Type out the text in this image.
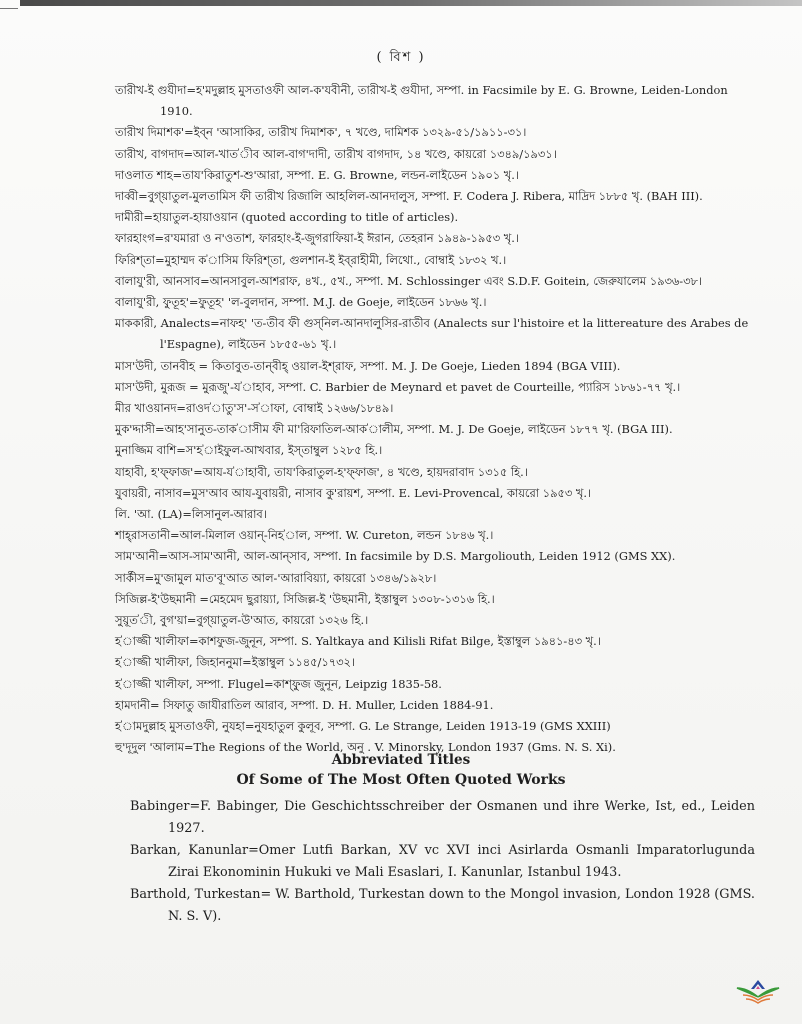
( বিশ )

তারীখ-ই গুযীদা=হ'মদুল্লাহ মুসতাওফী আল-ক'যবীনী, তারীখ-ই গুযীদা, সম্পা. in Facsimile by E. G. Browne, Leiden-London 1910.

তারীখ দিমাশক'=ইব্ন 'আসাকির, তারীখ দিমাশক', ৭ খণ্ডে, দামিশক ১৩২৯-৫১/১৯১১-৩১।

তারীখ, বাগদাদ=আল-খাত'ীব আল-বাগ'দাদী, তারীখ বাগদাদ, ১৪ খণ্ডে, কায়রো ১৩৪৯/১৯৩১।

দাওলাত শাহ=তায'কিরাতুশ-শু'আরা, সম্পা. E. G. Browne, লন্ডন-লাইডেন ১৯০১ খৃ.।

দাব্বী=বুগ্য়াতুল-মুলতামিস ফী তারীখ রিজালি আহলিল-আনদালুস, সম্পা. F. Codera J. Ribera, মাদ্রিদ ১৮৮৫ খৃ. (BAH III).

দামীরী=হায়াতুল-হায়াওয়ান (quoted according to title of articles).

ফারহাংগ=র'যমারা ও ন'ওতাশ, ফারহাং-ই-জুগরাফিয়া-ই ঈরান, তেহরান ১৯৪৯-১৯৫৩ খৃ.।

ফিরিশ্‌তা=মুহাম্মদ ক'াসিম ফিরিশ্‌তা, গুলশান-ই ইব্‌রাহীমী, লিথো., বোম্বাই ১৮৩২ খ.।

বালাযু'রী, আনসাব=আনসাবুল-আশরাফ, ৪খ., ৫খ., সম্পা. M. Schlossinger এবং S.D.F. Goitein, জেরুযালেম ১৯৩৬-৩৮।

বালাযু'রী, ফুতূহ'=ফুতূহ' 'ল-বুলদান, সম্পা. M.J. de Goeje, লাইডেন ১৮৬৬ খৃ.।

মাককারী, Analects=নাফহ' 'ত-তীব ফী গুস্‌নিল-আনদালুসির-রাতীব (Analects sur l'histoire et la littereature des Arabes de l'Espagne), লাইডেন ১৮৫৫-৬১ খৃ.।

মাস'উদী, তানবীহ = কিতাবুত-তান্‌বীহ্ ওয়াল-ইশ্‌রাফ, সম্পা. M. J. De Goeje, Lieden 1894 (BGA VIII).

মাস'উদী, মুরূজ = মুরূজু'-য'াহাব, সম্পা. C. Barbier de Meynard et pavet de Courteille, প্যারিস ১৮৬১-৭৭ খৃ.।

মীর খাওয়ানদ=রাওদ'াতু'স'-স'াফা, বোম্বাই ১২৬৬/১৮৪৯।

মুক'দ্দাসী=আহ'সানুত-তাক'াসীম ফী মা'রিফাতিল-আক'ালীম, সম্পা. M. J. De Goeje, লাইডেন ১৮৭৭ খৃ. (BGA III).

মুনাজ্জিম বাশি=স'হ'াইফুল-আখবার, ইস্‌তাম্বুল ১২৮৫ হি.।

যাহাবী, হ'ফ্‌ফাজ'=আয-য'াহাবী, তায'কিরাতুল-হ'ফ্‌ফাজ', ৪ খণ্ডে, হায়দরাবাদ ১৩১৫ হি.।

যুবায়রী, নাসাব=মুস'আব আয-যুবায়রী, নাসাব কু'রায়শ, সম্পা. E. Levi-Provencal, কায়রো ১৯৫৩ খৃ.।

লি. 'আ. (LA)=লিসানুল-আরাব।

শাহ্‌রাসতানী=আল-মিলাল ওয়ান্‌-নিহ'াল, সম্পা. W. Cureton, লন্ডন ১৮৪৬ খৃ.।

সাম'আনী=আস-সাম'আনী, আল-আন্‌সাব, সম্পা. In facsimile by D.S. Margoliouth, Leiden 1912 (GMS XX).

সার্কীস=মু'জামুল মাত'বূ'আত আল-'আরাবিয়্যা, কায়রো ১৩৪৬/১৯২৮।

সিজিল্ল-ই'উছমানী =মেহমেদ ছুরায়্যা, সিজিল্ল-ই 'উছমানী, ইস্তাম্বুল ১৩০৮-১৩১৬ হি.।

সুয়ূত'ী, বুগ'য়া=বুগ্য়াতুল-উ'আত, কায়রো ১৩২৬ হি.।

হ'াজ্জী খালীফা=কাশফুজ-জুনূন, সম্পা. S. Yaltkaya and Kilisli Rifat Bilge, ইস্তাম্বুল ১৯৪১-৪৩ খৃ.।

হ'াজ্জী খালীফা, জিহাননুমা=ইস্তাম্বুল ১১৪৫/১৭৩২।

হ'াজ্জী খালীফা, সম্পা. Flugel=কাশ্‌ফুজ জুনূন, Leipzig 1835-58.

হামদানী= সিফাতু জাযীরাতিল আরাব, সম্পা. D. H. Muller, Lciden 1884-91.

হ'ামদুল্লাহ মুসতাওফী, নুযহা=নুযহাতুল কুলূব, সম্পা. G. Le Strange, Leiden 1913-19 (GMS XXIII)

হু'দূদুল 'আলাম=The Regions of the World, অনু . V. Minorsky, London 1937 (Gms. N. S. Xi).

Abbreviated Titles
Of Some of The Most Often Quoted Works

Babinger=F. Babinger, Die Geschichtsschreiber der Osmanen und ihre Werke, Ist, ed., Leiden 1927.

Barkan, Kanunlar=Omer Lutfi Barkan, XV vc XVI inci Asirlarda Osmanli Imparatorlugunda Zirai Ekonominin Hukuki ve Mali Esaslari, I. Kanunlar, Istanbul 1943.

Barthold, Turkestan= W. Barthold, Turkestan down to the Mongol invasion, London 1928 (GMS. N. S. V).
